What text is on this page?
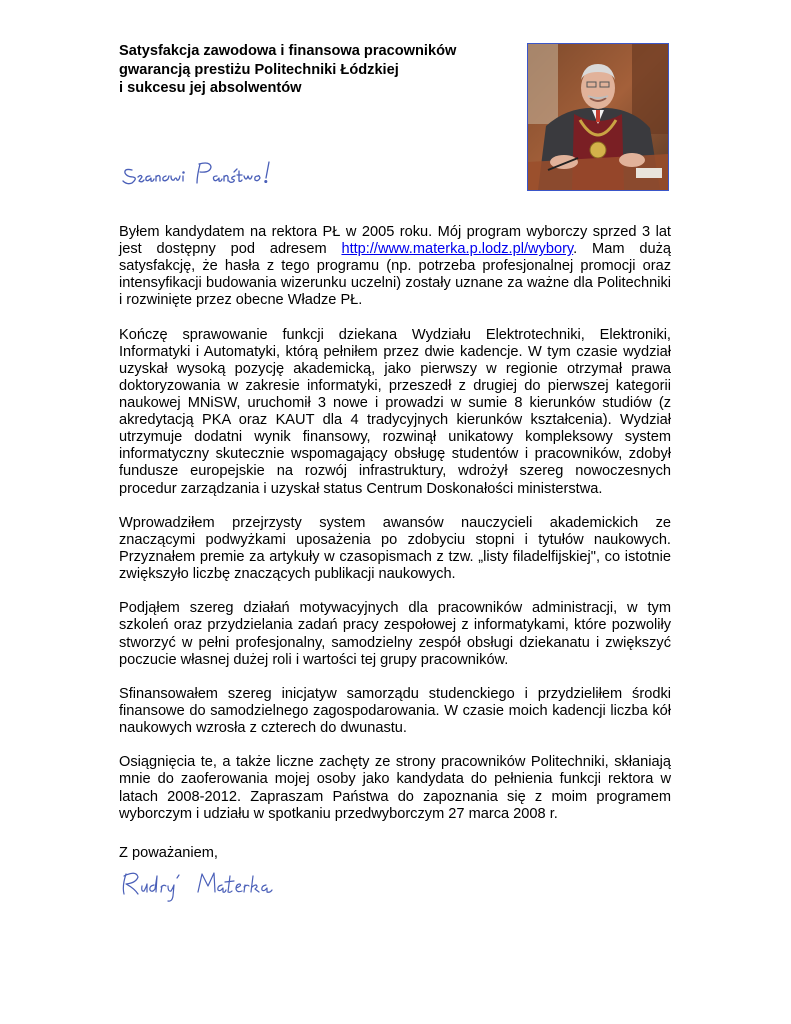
Satysfakcja zawodowa i finansowa pracowników
gwarancją prestiżu Politechniki Łódzkiej
i sukcesu jej absolwentów

Byłem kandydatem na rektora PŁ w 2005 roku. Mój program wyborczy sprzed 3 lat jest dostępny pod adresem http://www.materka.p.lodz.pl/wybory. Mam dużą satysfakcję, że hasła z tego programu (np. potrzeba profesjonalnej promocji oraz intensyfikacji budowania wizerunku uczelni) zostały uznane za ważne dla Politechniki i rozwinięte przez obecne Władze PŁ.

Kończę sprawowanie funkcji dziekana Wydziału Elektrotechniki, Elektroniki, Informatyki i Automatyki, którą pełniłem przez dwie kadencje. W tym czasie wydział uzyskał wysoką pozycję akademicką, jako pierwszy w regionie otrzymał prawa doktoryzowania w zakresie informatyki, przeszedł z drugiej do pierwszej kategorii naukowej MNiSW, uruchomił 3 nowe i prowadzi w sumie 8 kierunków studiów (z akredytacją PKA oraz KAUT dla 4 tradycyjnych kierunków kształcenia). Wydział utrzymuje dodatni wynik finansowy, rozwinął unikatowy kompleksowy system informatyczny skutecznie wspomagający obsługę studentów i pracowników, zdobył fundusze europejskie na rozwój infrastruktury, wdrożył szereg nowoczesnych procedur zarządzania i uzyskał status Centrum Doskonałości ministerstwa.

Wprowadziłem przejrzysty system awansów nauczycieli akademickich ze znaczącymi podwyżkami uposażenia po zdobyciu stopni i tytułów naukowych. Przyznałem premie za artykuły w czasopismach z tzw. „listy filadelfijskiej", co istotnie zwiększyło liczbę znaczących publikacji naukowych.

Podjąłem szereg działań motywacyjnych dla pracowników administracji, w tym szkoleń oraz przydzielania zadań pracy zespołowej z informatykami, które pozwoliły stworzyć w pełni profesjonalny, samodzielny zespół obsługi dziekanatu i zwiększyć poczucie własnej dużej roli i wartości tej grupy pracowników.

Sfinansowałem szereg inicjatyw samorządu studenckiego i przydzieliłem środki finansowe do samodzielnego zagospodarowania. W czasie moich kadencji liczba kół naukowych wzrosła z czterech do dwunastu.

Osiągnięcia te, a także liczne zachęty ze strony pracowników Politechniki, skłaniają mnie do zaoferowania mojej osoby jako kandydata do pełnienia funkcji rektora w latach 2008-2012. Zapraszam Państwa do zapoznania się z moim programem wyborczym i udziału w spotkaniu przedwyborczym 27 marca 2008 r.

Z poważaniem,
